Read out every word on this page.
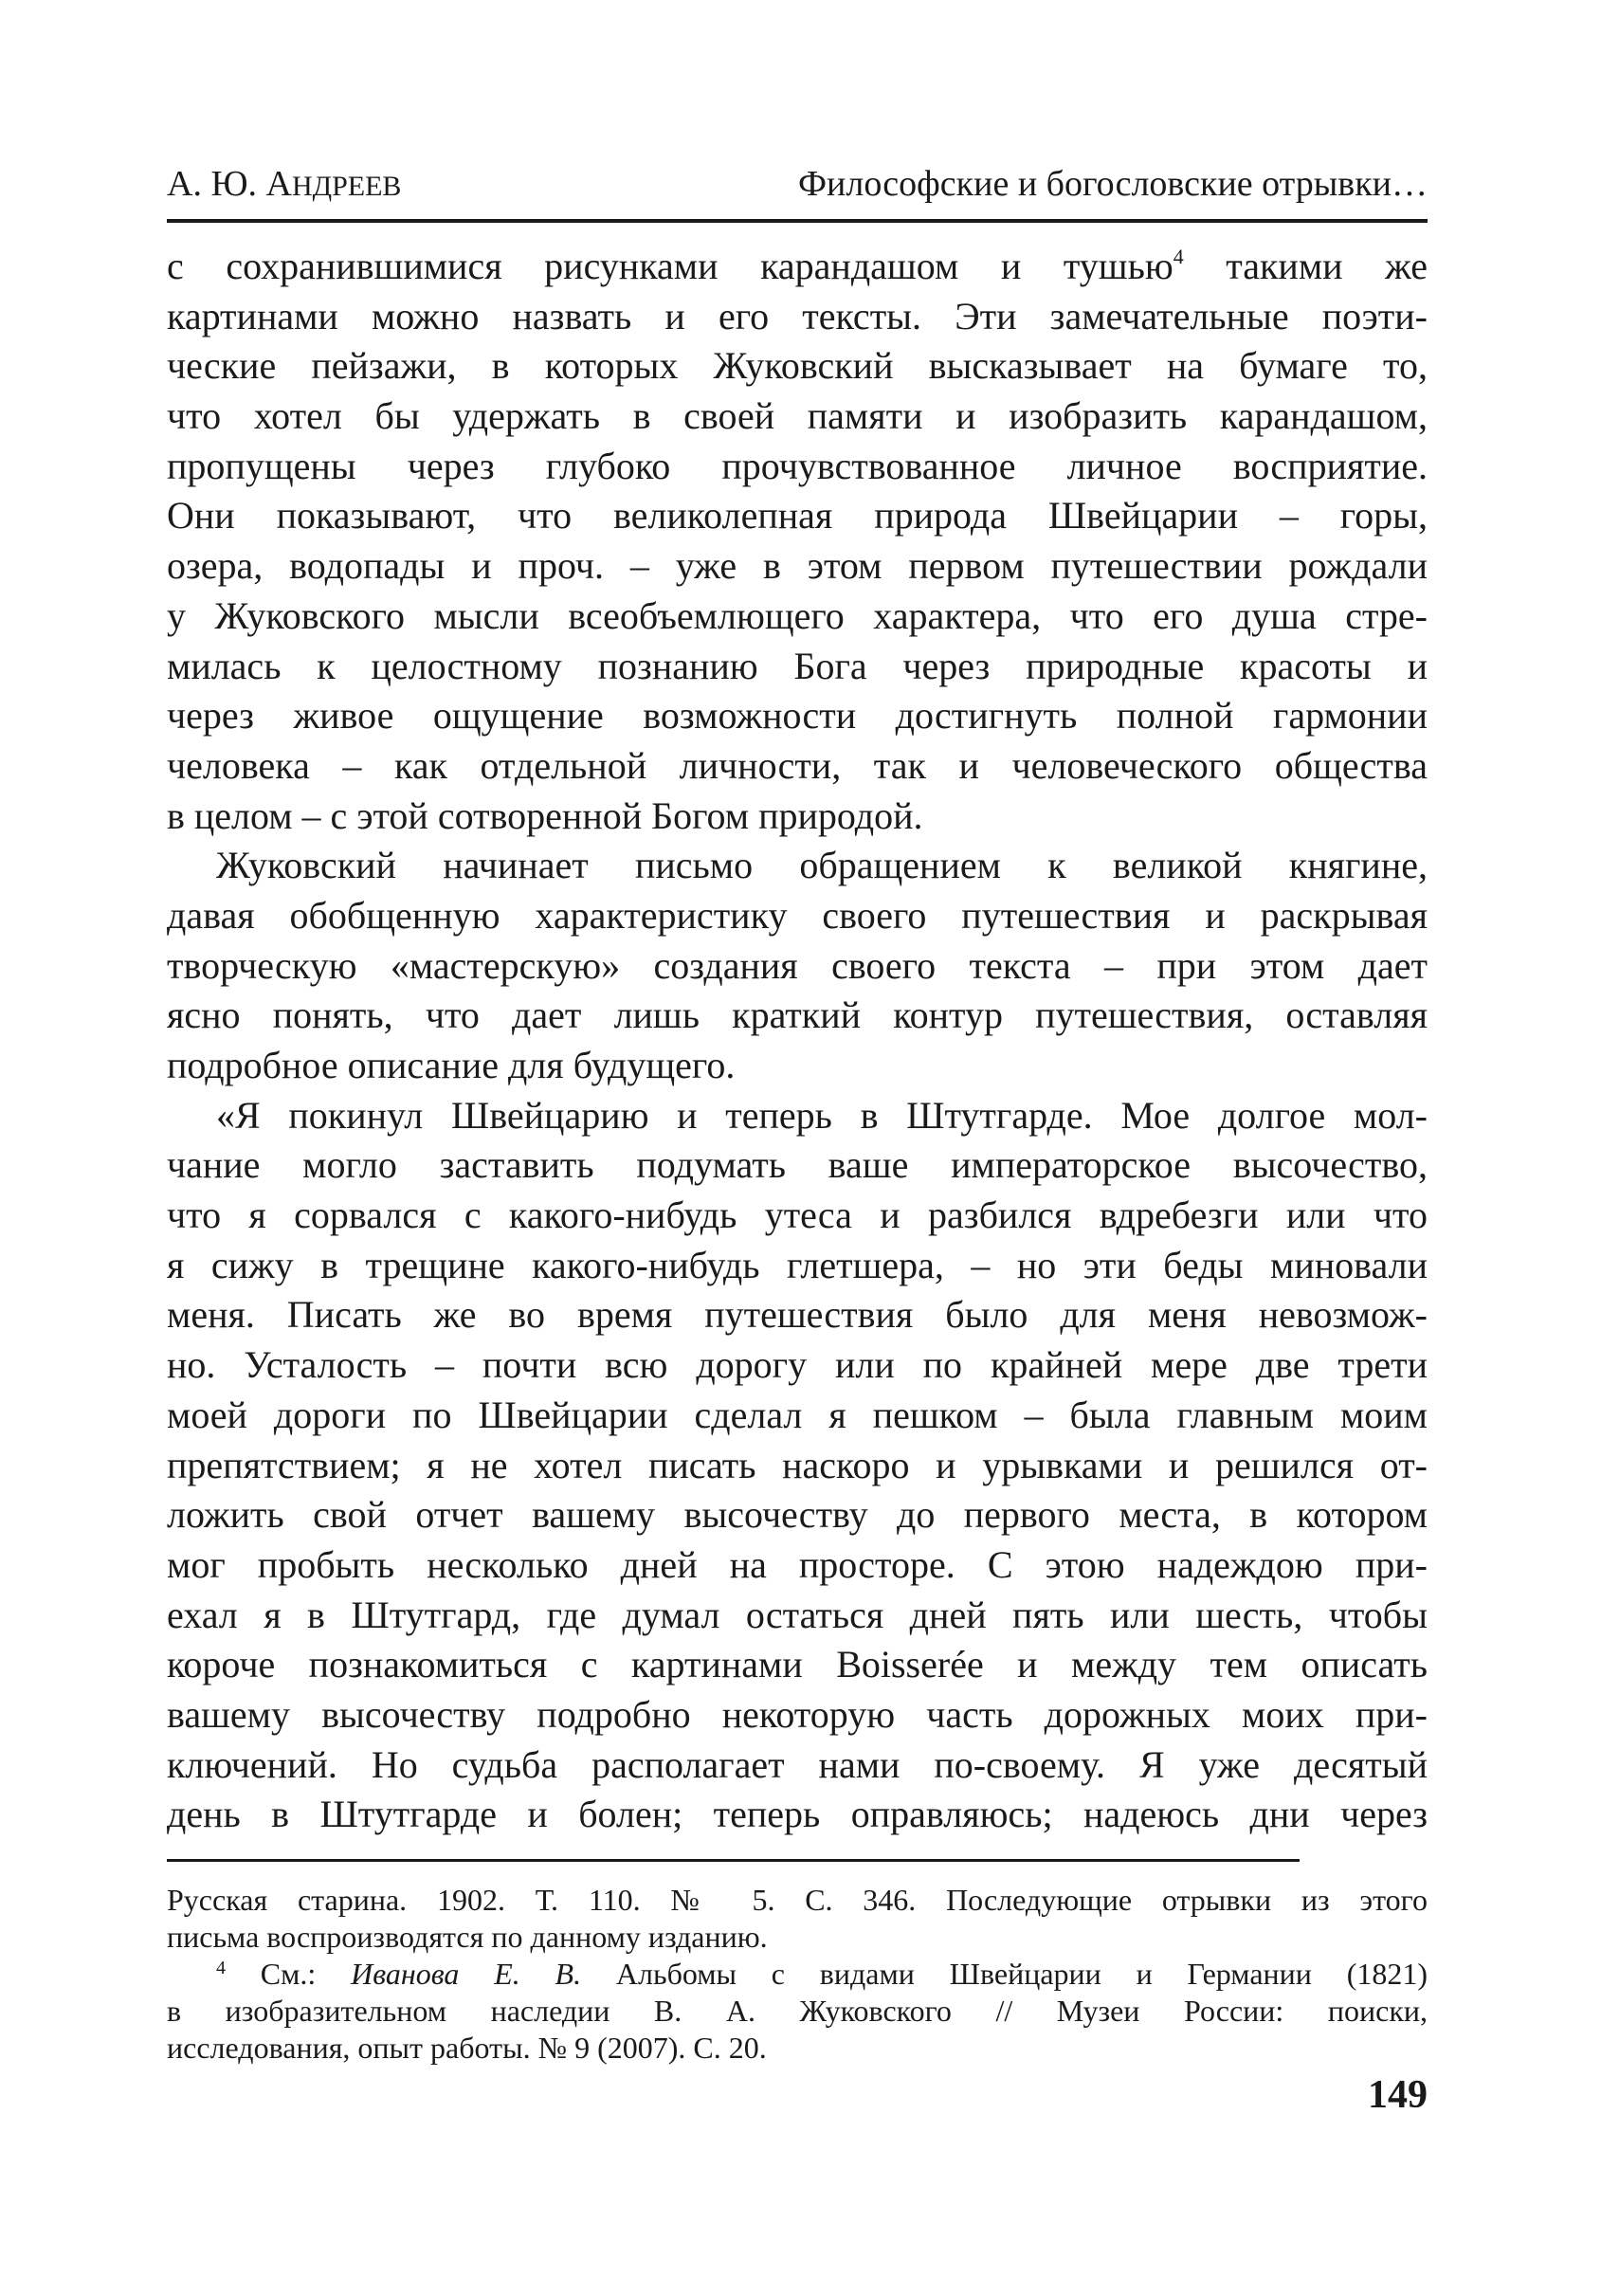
А. Ю. АНДРЕЕВ	Философские и богословские отрывки…
с сохранившимися рисунками карандашом и тушью$^4$ такими же
картинами можно назвать и его тексты. Эти замечательные поэти-
ческие пейзажи, в которых Жуковский высказывает на бумаге то,
что хотел бы удержать в своей памяти и изобразить карандашом,
пропущены через глубоко прочувствованное личное восприятие.
Они показывают, что великолепная природа Швейцарии – горы,
озера, водопады и проч. – уже в этом первом путешествии рождали
у Жуковского мысли всеобъемлющего характера, что его душа стре-
милась к целостному познанию Бога через природные красоты и
через живое ощущение возможности достигнуть полной гармонии
человека – как отдельной личности, так и человеческого общества
в целом – с этой сотворенной Богом природой.
Жуковский начинает письмо обращением к великой княгине,
давая обобщенную характеристику своего путешествия и раскрывая
творческую «мастерскую» создания своего текста – при этом дает
ясно понять, что дает лишь краткий контур путешествия, оставляя
подробное описание для будущего.
«Я покинул Швейцарию и теперь в Штутгарде. Мое долгое мол-
чание могло заставить подумать ваше императорское высочество,
что я сорвался с какого-нибудь утеса и разбился вдребезги или что
я сижу в трещине какого-нибудь глетшера, – но эти беды миновали
меня. Писать же во время путешествия было для меня невозмож-
но. Усталость – почти всю дорогу или по крайней мере две трети
моей дороги по Швейцарии сделал я пешком – была главным моим
препятствием; я не хотел писать наскоро и урывками и решился от-
ложить свой отчет вашему высочеству до первого места, в котором
мог пробыть несколько дней на просторе. С этою надеждою при-
ехал я в Штутгард, где думал остаться дней пять или шесть, чтобы
короче познакомиться с картинами Boisserée и между тем описать
вашему высочеству подробно некоторую часть дорожных моих при-
ключений. Но судьба располагает нами по-своему. Я уже десятый
день в Штутгарде и болен; теперь оправляюсь; надеюсь дни через
Русская старина. 1902. Т. 110. № 5. С. 346. Последующие отрывки из этого
письма воспроизводятся по данному изданию.
$^4$ См.: Иванова Е. В. Альбомы с видами Швейцарии и Германии (1821)
в изобразительном наследии В. А. Жуковского // Музеи России: поиски,
исследования, опыт работы. № 9 (2007). С. 20.
149
